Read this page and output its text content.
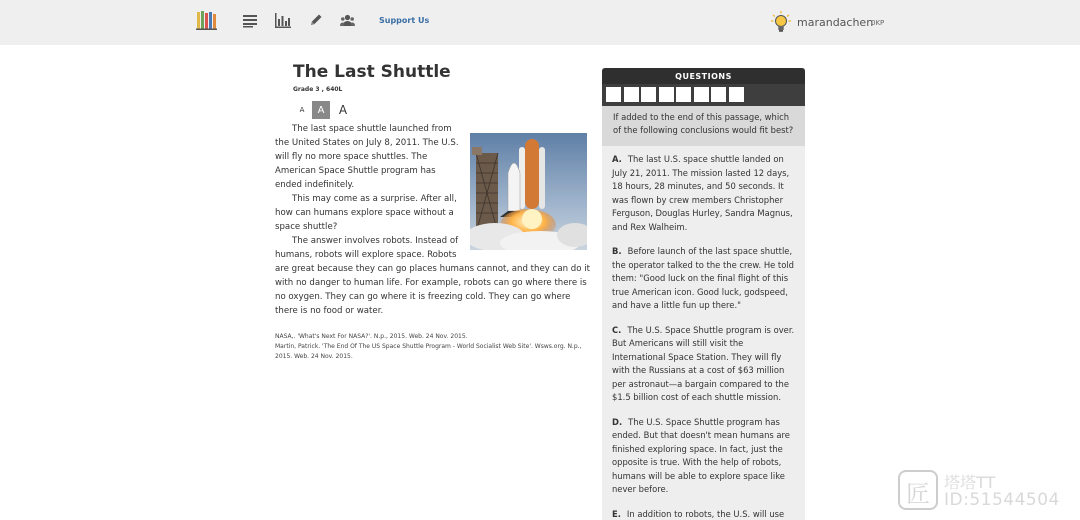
Support Us	marandachen
0KP
The Last Shuttle
Grade 3 , 640L
A	A	A

The last space shuttle launched from the United States on July 8, 2011. The U.S. will fly no more space shuttles. The American Space Shuttle program has ended indefinitely.

This may come as a surprise. After all, how can humans explore space without a space shuttle?

The answer involves robots. Instead of humans, robots will explore space. Robots are great because they can go places humans cannot, and they can do it with no danger to human life. For example, robots can go where there is no oxygen. They can go where it is freezing cold. They can go where there is no food or water.

NASA,. 'What's Next For NASA?'. N.p., 2015. Web. 24 Nov. 2015.
Martin, Patrick. 'The End Of The US Space Shuttle Program - World Socialist Web Site'. Wsws.org. N.p., 2015. Web. 24 Nov. 2015.
QUESTIONS
If added to the end of this passage, which of the following conclusions would fit best?
A. The last U.S. space shuttle landed on July 21, 2011. The mission lasted 12 days, 18 hours, 28 minutes, and 50 seconds. It was flown by crew members Christopher Ferguson, Douglas Hurley, Sandra Magnus, and Rex Walheim.
B. Before launch of the last space shuttle, the operator talked to the the crew. He told them: "Good luck on the final flight of this true American icon. Good luck, godspeed, and have a little fun up there."
C. The U.S. Space Shuttle program is over. But Americans will still visit the International Space Station. They will fly with the Russians at a cost of $63 million per astronaut—a bargain compared to the $1.5 billion cost of each shuttle mission.
D. The U.S. Space Shuttle program has ended. But that doesn't mean humans are finished exploring space. In fact, just the opposite is true. With the help of robots, humans will be able to explore space like never before.
E. In addition to robots, the U.S. will use
匠 塔塔TT
ID:51544504
